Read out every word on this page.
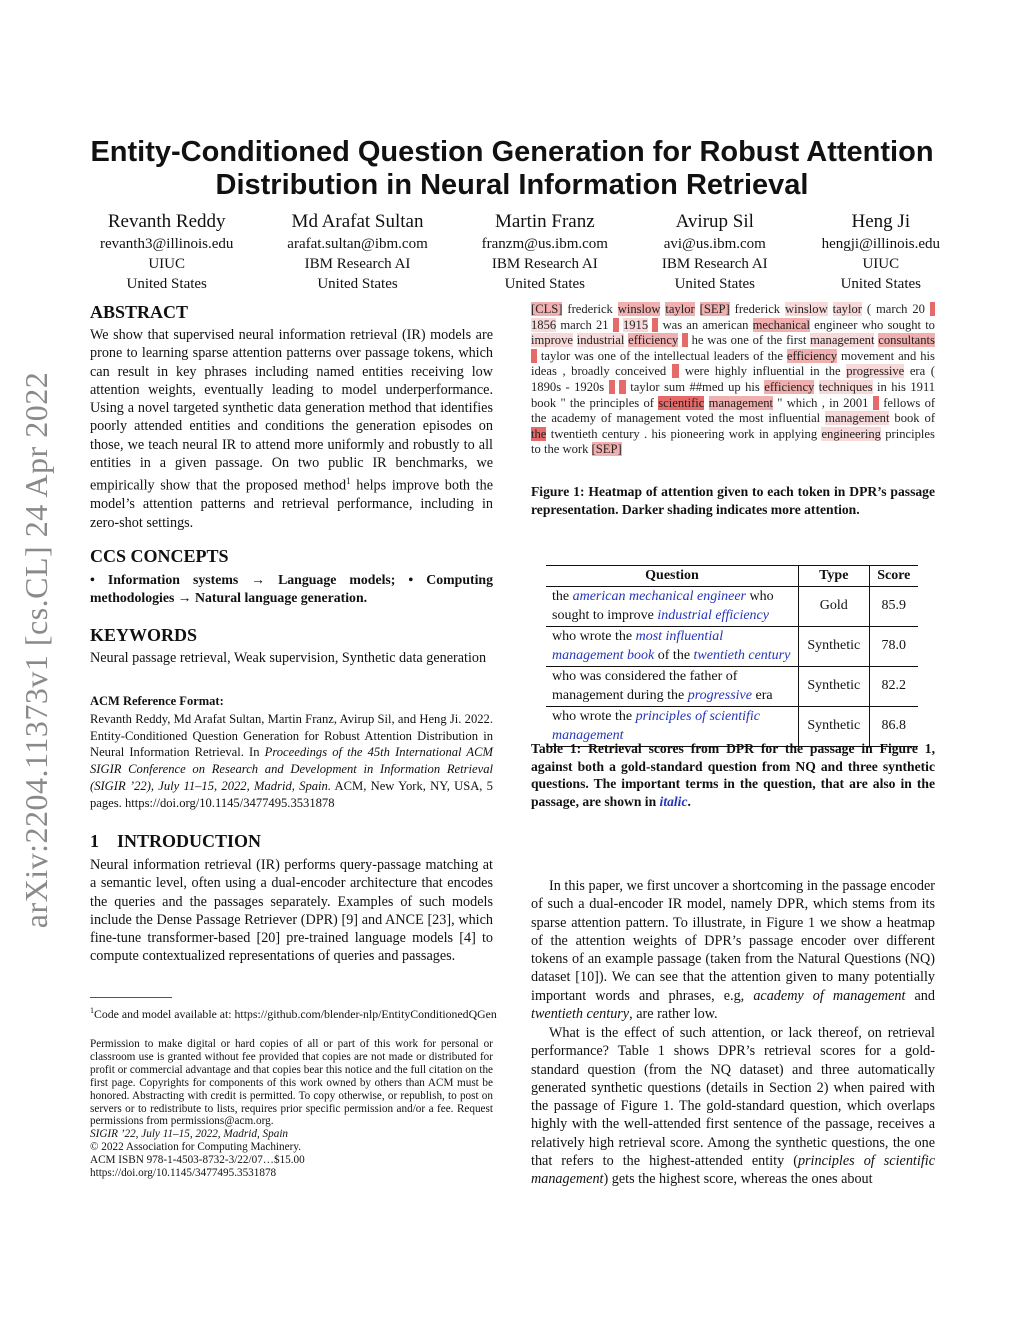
Entity-Conditioned Question Generation for Robust Attention
Distribution in Neural Information Retrieval
Revanth Reddy
revanth3@illinois.edu
UIUC
United States
Md Arafat Sultan
arafat.sultan@ibm.com
IBM Research AI
United States
Martin Franz
franzm@us.ibm.com
IBM Research AI
United States
Avirup Sil
avi@us.ibm.com
IBM Research AI
United States
Heng Ji
hengji@illinois.edu
UIUC
United States
arXiv:2204.11373v1 [cs.CL] 24 Apr 2022
ABSTRACT
We show that supervised neural information retrieval (IR) models are prone to learning sparse attention patterns over passage tokens, which can result in key phrases including named entities receiving low attention weights, eventually leading to model underperformance. Using a novel targeted synthetic data generation method that identifies poorly attended entities and conditions the generation episodes on those, we teach neural IR to attend more uniformly and robustly to all entities in a given passage. On two public IR benchmarks, we empirically show that the proposed method$^1$ helps improve both the model’s attention patterns and retrieval performance, including in zero-shot settings.
CCS CONCEPTS
• Information systems → Language models; • Computing methodologies → Natural language generation.
KEYWORDS
Neural passage retrieval, Weak supervision, Synthetic data generation
ACM Reference Format:
Revanth Reddy, Md Arafat Sultan, Martin Franz, Avirup Sil, and Heng Ji. 2022. Entity-Conditioned Question Generation for Robust Attention Distribution in Neural Information Retrieval. In Proceedings of the 45th International ACM SIGIR Conference on Research and Development in Information Retrieval (SIGIR ’22), July 11–15, 2022, Madrid, Spain. ACM, New York, NY, USA, 5 pages. https://doi.org/10.1145/3477495.3531878
1 INTRODUCTION
Neural information retrieval (IR) performs query-passage matching at a semantic level, often using a dual-encoder architecture that encodes the queries and the passages separately. Examples of such models include the Dense Passage Retriever (DPR) [9] and ANCE [23], which fine-tune transformer-based [20] pre-trained language models [4] to compute contextualized representations of queries and passages.
$^1$Code and model available at: https://github.com/blender-nlp/EntityConditionedQGen
Permission to make digital or hard copies of all or part of this work for personal or classroom use is granted without fee provided that copies are not made or distributed for profit or commercial advantage and that copies bear this notice and the full citation on the first page. Copyrights for components of this work owned by others than ACM must be honored. Abstracting with credit is permitted. To copy otherwise, or republish, to post on servers or to redistribute to lists, requires prior specific permission and/or a fee. Request permissions from permissions@acm.org.
SIGIR ’22, July 11–15, 2022, Madrid, Spain
© 2022 Association for Computing Machinery.
ACM ISBN 978-1-4503-8732-3/22/07…$15.00
https://doi.org/10.1145/3477495.3531878
[CLS] frederick winslow taylor [SEP] frederick winslow taylor ( march 20   1856 march 21 1915 was an american mechanical engineer who sought to improve industrial efficiency he was one of the first management consultants   taylor was one of the intellectual leaders of the efficiency movement and his ideas , broadly conceived were highly influential in the progressive era ( 1890s - 1920s taylor sum ##med up his efficiency techniques in his 1911 book " the principles of scientific management " which , in 2001 fellows of the academy of management voted the most influential management book of the twentieth century . his pioneering work in applying engineering principles to the work [SEP]
Figure 1: Heatmap of attention given to each token in DPR’s passage representation. Darker shading indicates more attention.
Question	Type	Score
the american mechanical engineer who sought to improve industrial efficiency	Gold	85.9
who wrote the most influential management book of the twentieth century	Synthetic	78.0
who was considered the father of management during the progressive era	Synthetic	82.2
who wrote the principles of scientific management	Synthetic	86.8
Table 1: Retrieval scores from DPR for the passage in Figure 1, against both a gold-standard question from NQ and three synthetic questions. The important terms in the question, that are also in the passage, are shown in italic.
In this paper, we first uncover a shortcoming in the passage encoder of such a dual-encoder IR model, namely DPR, which stems from its sparse attention pattern. To illustrate, in Figure 1 we show a heatmap of the attention weights of DPR’s passage encoder over different tokens of an example passage (taken from the Natural Questions (NQ) dataset [10]). We can see that the attention given to many potentially important words and phrases, e.g, academy of management and twentieth century, are rather low.
What is the effect of such attention, or lack thereof, on retrieval performance? Table 1 shows DPR’s retrieval scores for a gold-standard question (from the NQ dataset) and three automatically generated synthetic questions (details in Section 2) when paired with the passage of Figure 1. The gold-standard question, which overlaps highly with the well-attended first sentence of the passage, receives a relatively high retrieval score. Among the synthetic questions, the one that refers to the highest-attended entity (principles of scientific management) gets the highest score, whereas the ones about
